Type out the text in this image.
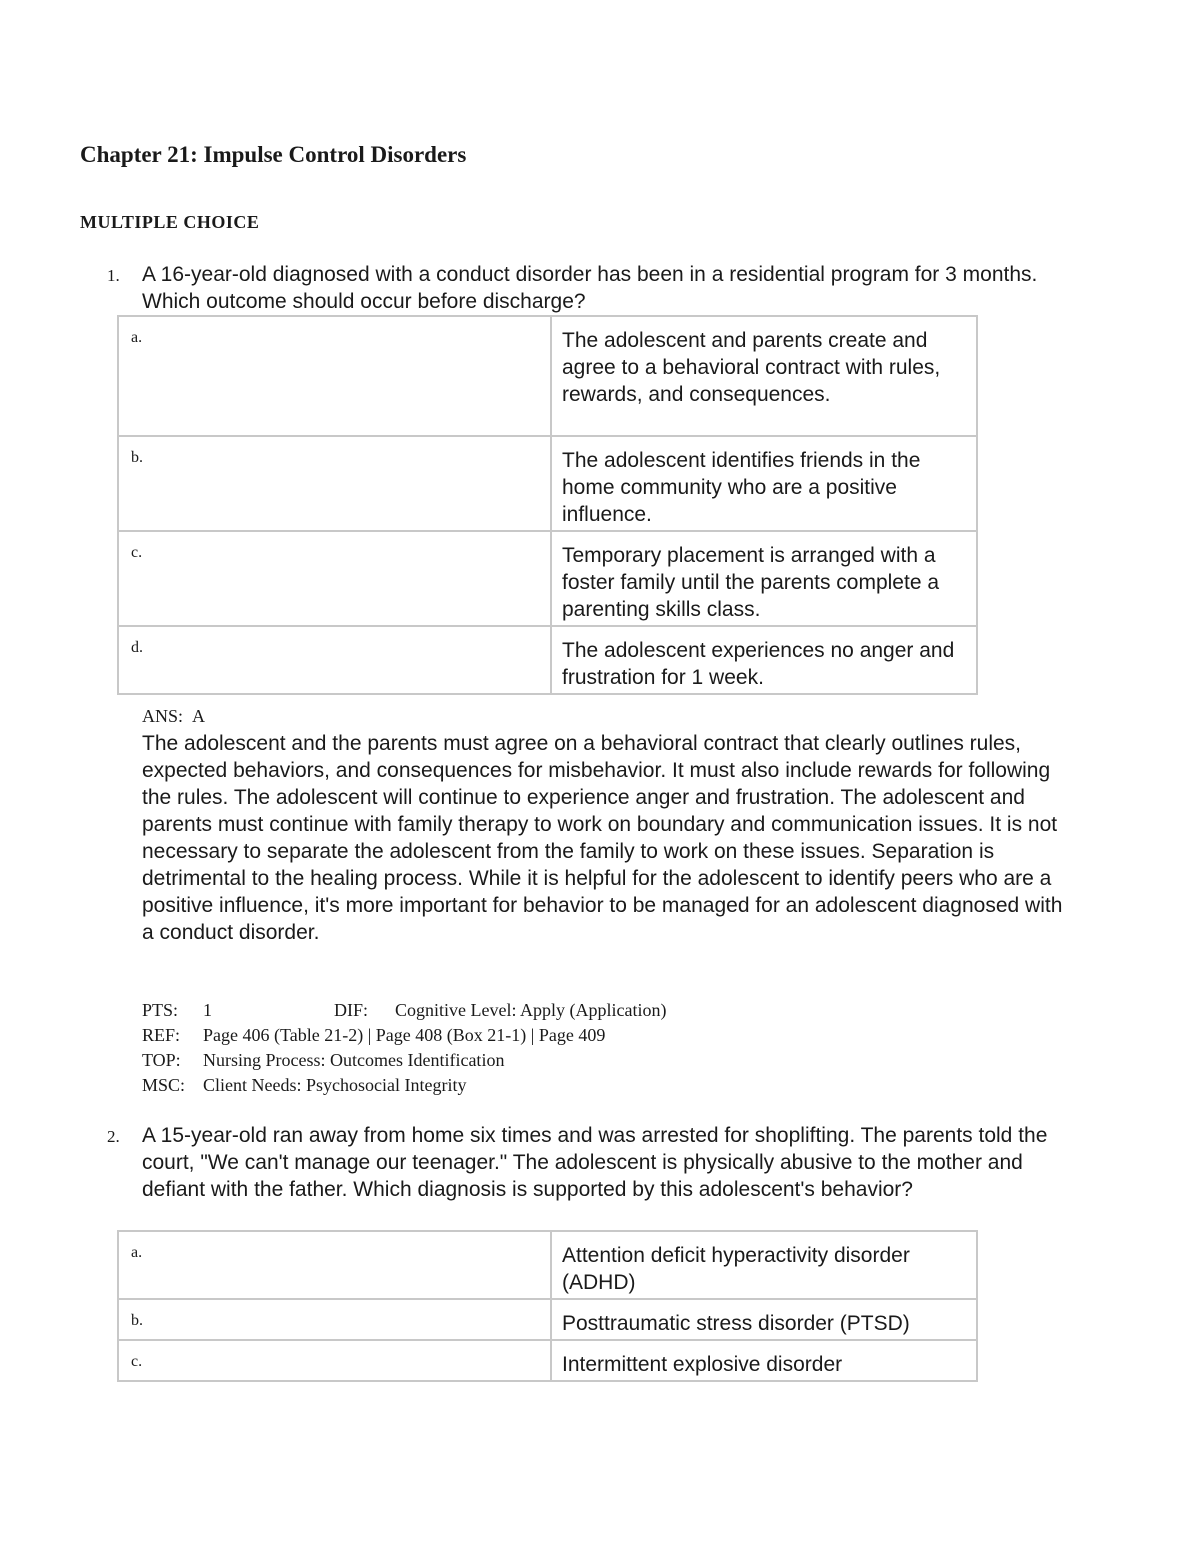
Chapter 21: Impulse Control Disorders
MULTIPLE CHOICE
1. A 16-year-old diagnosed with a conduct disorder has been in a residential program for 3 months. Which outcome should occur before discharge?

a.	The adolescent and parents create and agree to a behavioral contract with rules, rewards, and consequences.
b.	The adolescent identifies friends in the home community who are a positive influence.
c.	Temporary placement is arranged with a foster family until the parents complete a parenting skills class.
d.	The adolescent experiences no anger and frustration for 1 week.
ANS: A

The adolescent and the parents must agree on a behavioral contract that clearly outlines rules, expected behaviors, and consequences for misbehavior. It must also include rewards for following the rules. The adolescent will continue to experience anger and frustration. The adolescent and parents must continue with family therapy to work on boundary and communication issues. It is not necessary to separate the adolescent from the family to work on these issues. Separation is detrimental to the healing process. While it is helpful for the adolescent to identify peers who are a positive influence, it's more important for behavior to be managed for an adolescent diagnosed with a conduct disorder.

PTS: 1	DIF: Cognitive Level: Apply (Application)
REF: Page 406 (Table 21-2) | Page 408 (Box 21-1) | Page 409
TOP: Nursing Process: Outcomes Identification
MSC: Client Needs: Psychosocial Integrity
2. A 15-year-old ran away from home six times and was arrested for shoplifting. The parents told the court, "We can't manage our teenager." The adolescent is physically abusive to the mother and defiant with the father. Which diagnosis is supported by this adolescent's behavior?

a.	Attention deficit hyperactivity disorder (ADHD)
b.	Posttraumatic stress disorder (PTSD)
c.	Intermittent explosive disorder
